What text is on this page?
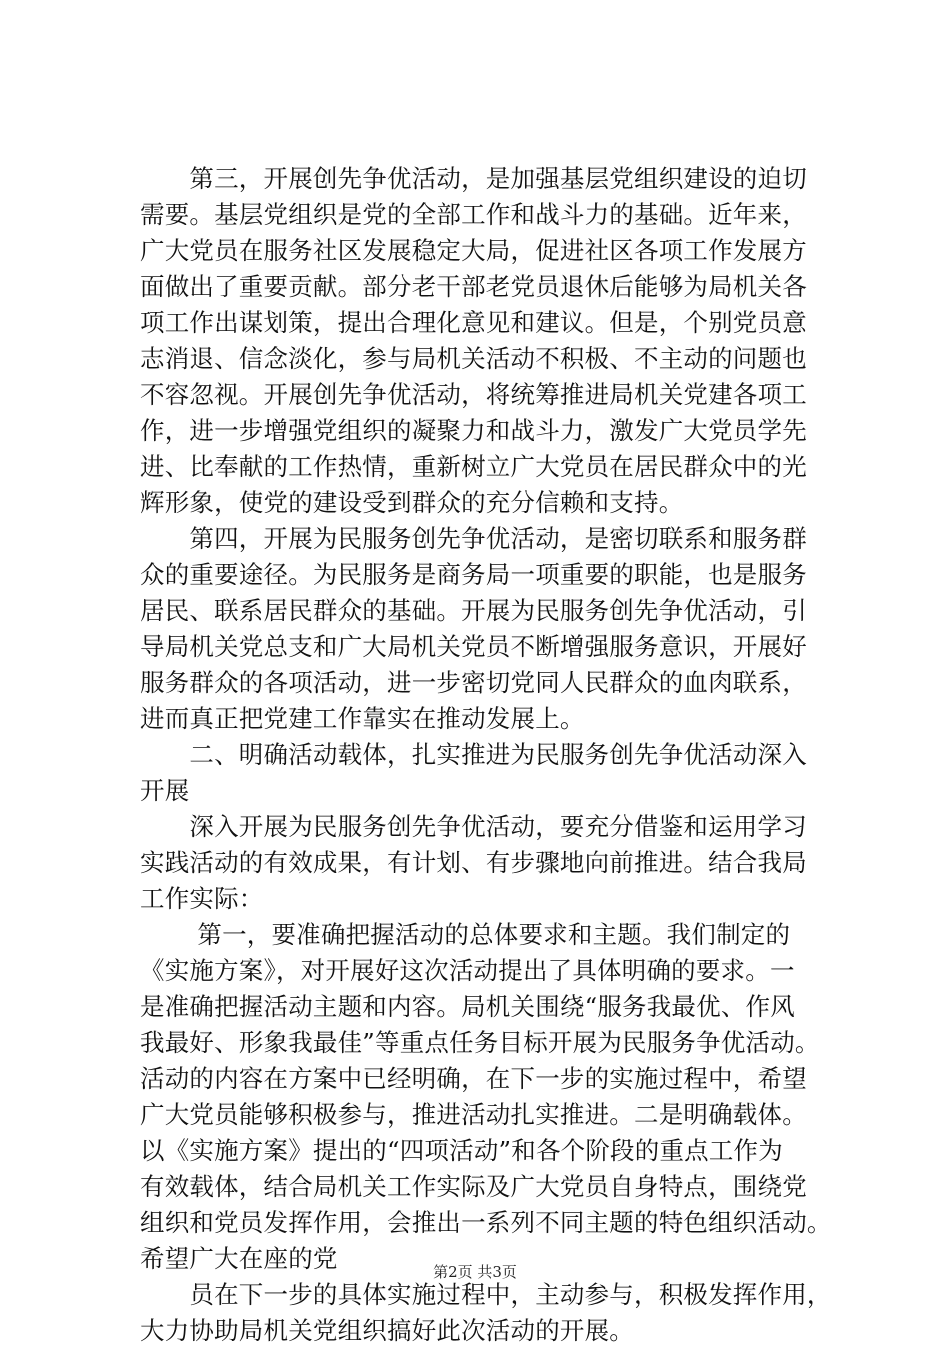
　　第三，开展创先争优活动，是加强基层党组织建设的迫切
需要。基层党组织是党的全部工作和战斗力的基础。近年来，
广大党员在服务社区发展稳定大局，促进社区各项工作发展方
面做出了重要贡献。部分老干部老党员退休后能够为局机关各
项工作出谋划策，提出合理化意见和建议。但是，个别党员意
志消退、信念淡化，参与局机关活动不积极、不主动的问题也
不容忽视。开展创先争优活动，将统筹推进局机关党建各项工
作，进一步增强党组织的凝聚力和战斗力，激发广大党员学先
进、比奉献的工作热情，重新树立广大党员在居民群众中的光
辉形象，使党的建设受到群众的充分信赖和支持。
　　第四，开展为民服务创先争优活动，是密切联系和服务群
众的重要途径。为民服务是商务局一项重要的职能，也是服务
居民、联系居民群众的基础。开展为民服务创先争优活动，引
导局机关党总支和广大局机关党员不断增强服务意识，开展好
服务群众的各项活动，进一步密切党同人民群众的血肉联系，
进而真正把党建工作靠实在推动发展上。
　　二、明确活动载体，扎实推进为民服务创先争优活动深入
开展
　　深入开展为民服务创先争优活动，要充分借鉴和运用学习
实践活动的有效成果，有计划、有步骤地向前推进。结合我局
工作实际：
　　 第一，要准确把握活动的总体要求和主题。我们制定的
《实施方案》，对开展好这次活动提出了具体明确的要求。一
是准确把握活动主题和内容。局机关围绕“服务我最优、作风
我最好、形象我最佳”等重点任务目标开展为民服务争优活动。
活动的内容在方案中已经明确，在下一步的实施过程中，希望
广大党员能够积极参与，推进活动扎实推进。二是明确载体。
以《实施方案》提出的“四项活动”和各个阶段的重点工作为
有效载体，结合局机关工作实际及广大党员自身特点，围绕党
组织和党员发挥作用，会推出一系列不同主题的特色组织活动。
希望广大在座的党
　　员在下一步的具体实施过程中，主动参与，积极发挥作用，
大力协助局机关党组织搞好此次活动的开展。
第2页 共3页
